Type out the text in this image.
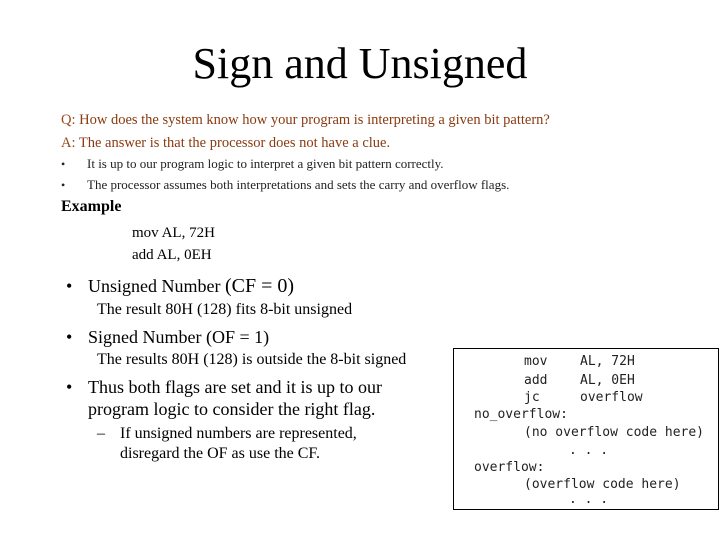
Sign and Unsigned
Q: How does the system know how your program is interpreting a given bit pattern?
A: The answer is that the processor does not have a clue.
• It is up to our program logic to interpret a given bit pattern correctly.
• The processor assumes both interpretations and sets the carry and overflow flags.
Example
mov AL, 72H
add AL, 0EH
• Unsigned Number (CF = 0)
The result 80H (128) fits 8-bit unsigned
• Signed Number (OF = 1)
The results 80H (128) is outside the 8-bit signed
• Thus both flags are set and it is up to our
program logic to consider the right flag.
– If unsigned numbers are represented,
disregard the OF as use the CF.
mov	AL, 72H
add	AL, 0EH
jc	overflow
no_overflow:
(no overflow code here)
. . .
overflow:
(overflow code here)
. . .
